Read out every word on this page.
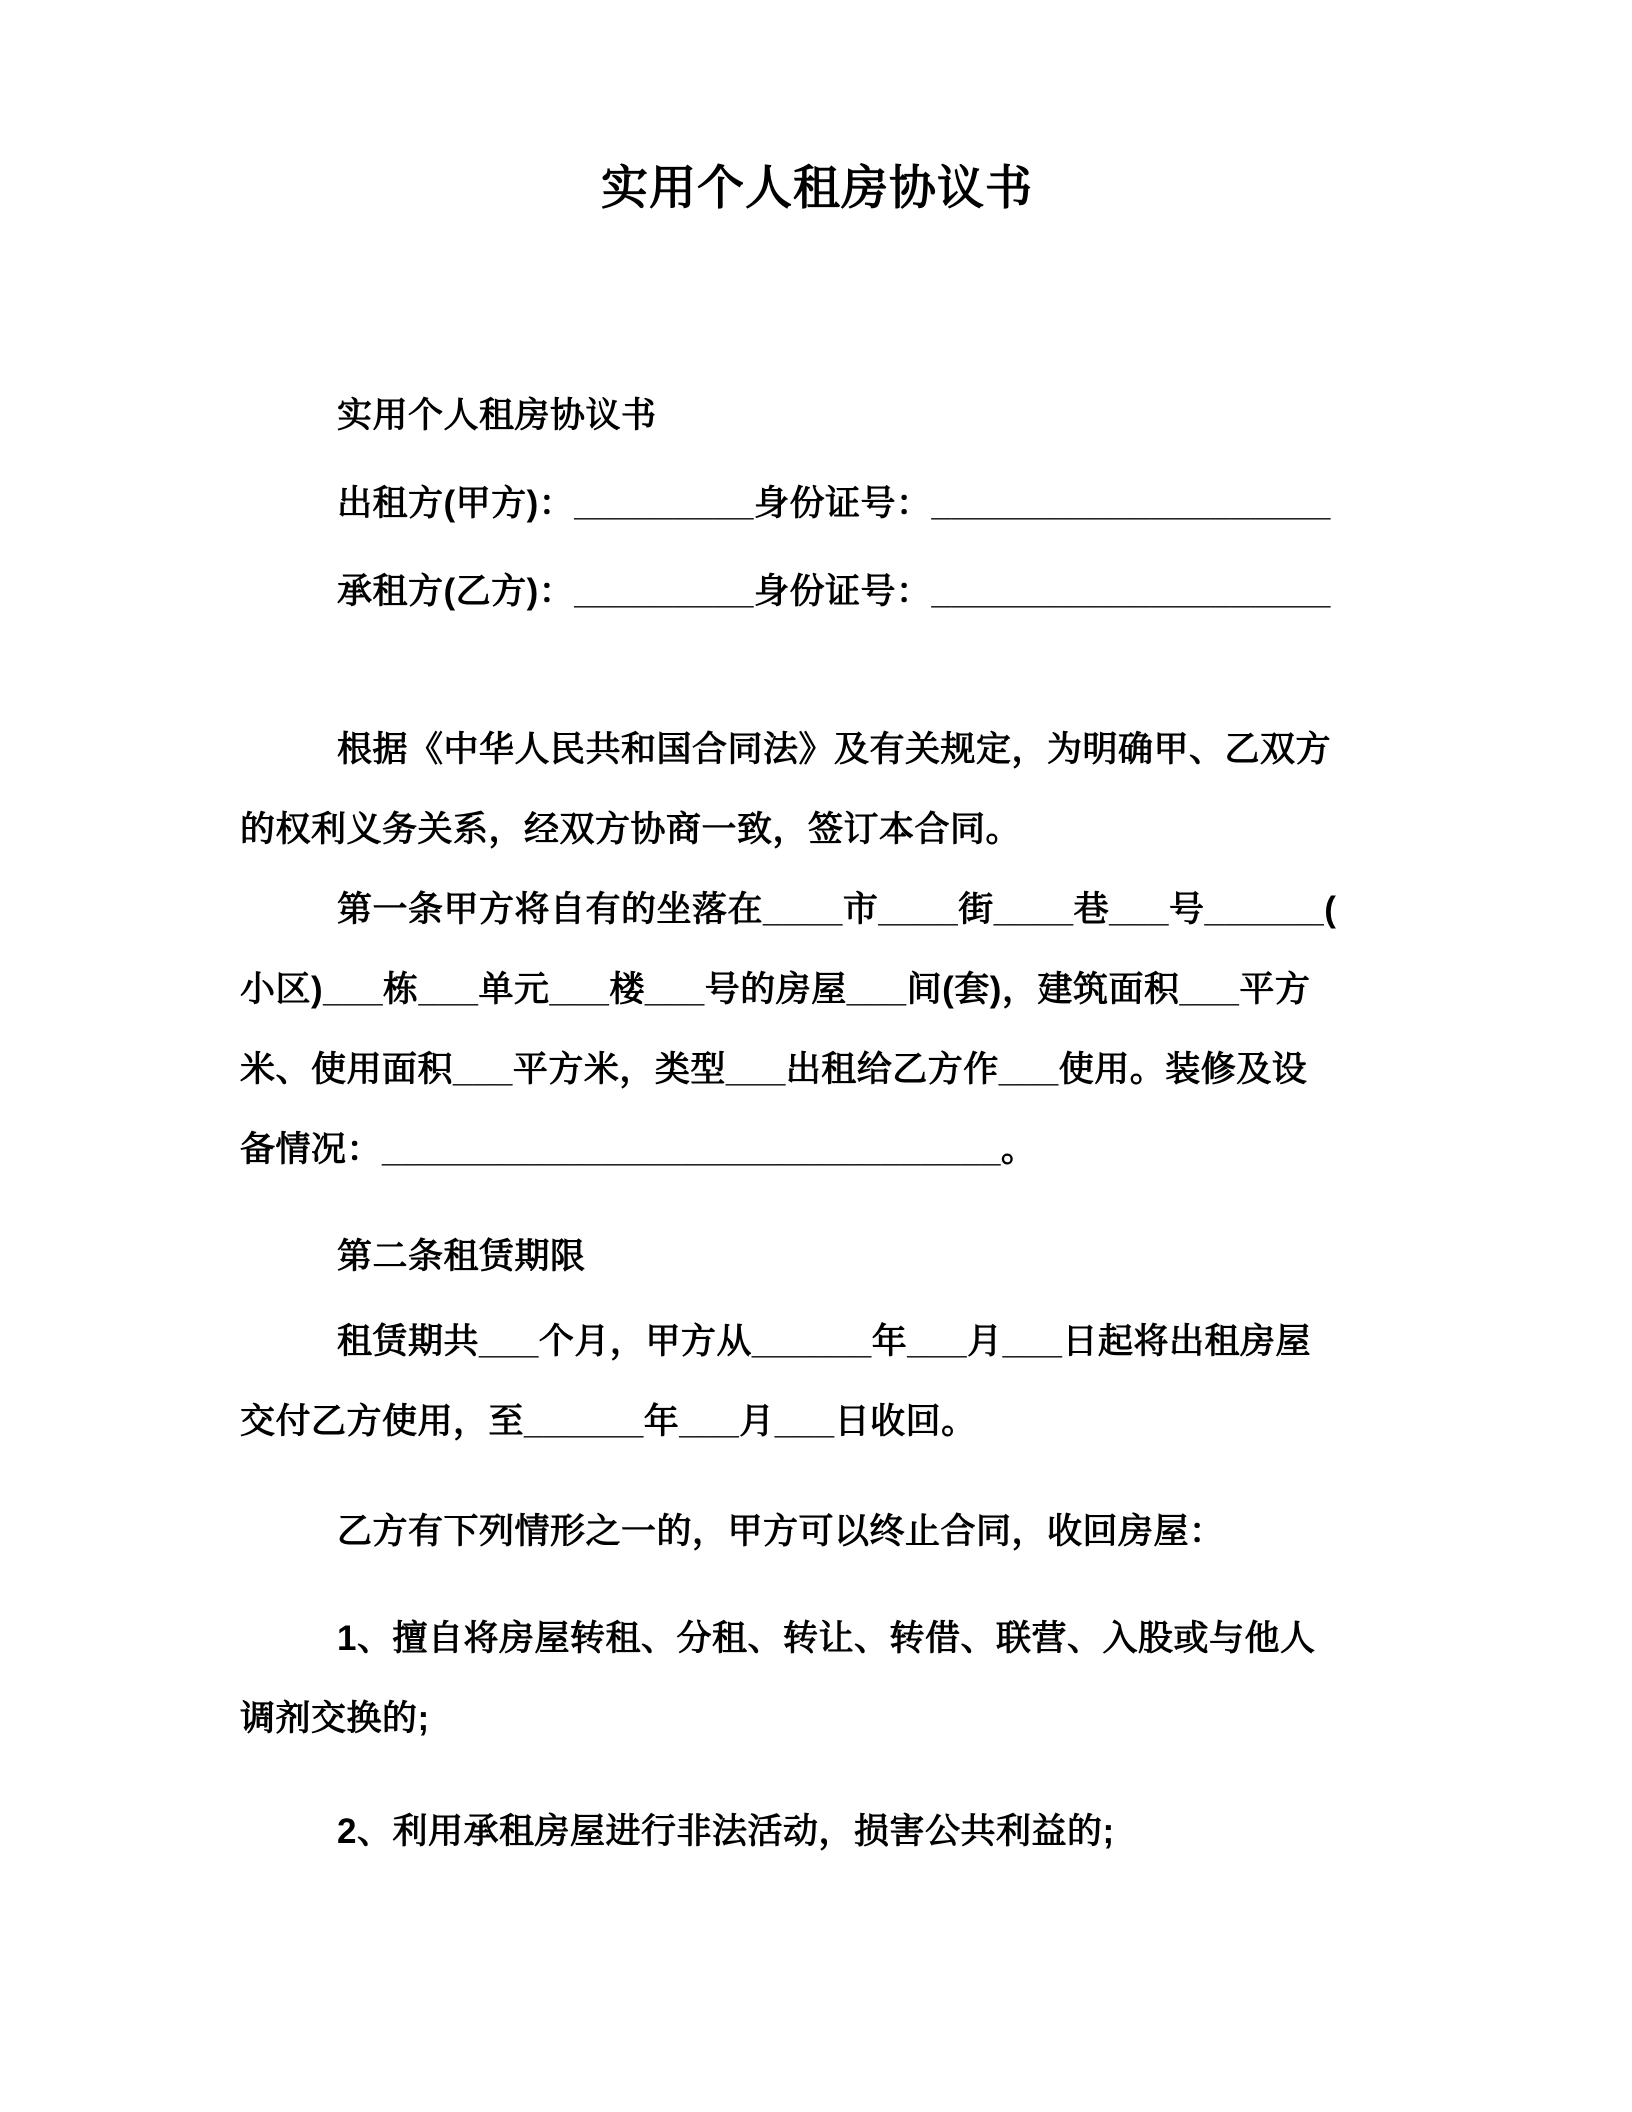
实用个人租房协议书
实用个人租房协议书
出租方(甲方)：_________身份证号：____________________
承租方(乙方)：_________身份证号：____________________
根据《中华人民共和国合同法》及有关规定，为明确甲、乙双方
的权利义务关系，经双方协商一致，签订本合同。
第一条甲方将自有的坐落在____市____街____巷___号______(
小区)___栋___单元___楼___号的房屋___间(套)，建筑面积___平方
米、使用面积___平方米，类型___出租给乙方作___使用。装修及设
备情况：_______________________________。
第二条租赁期限
租赁期共___个月，甲方从______年___月___日起将出租房屋
交付乙方使用，至______年___月___日收回。
乙方有下列情形之一的，甲方可以终止合同，收回房屋：
1、擅自将房屋转租、分租、转让、转借、联营、入股或与他人
调剂交换的;
2、利用承租房屋进行非法活动，损害公共利益的;
